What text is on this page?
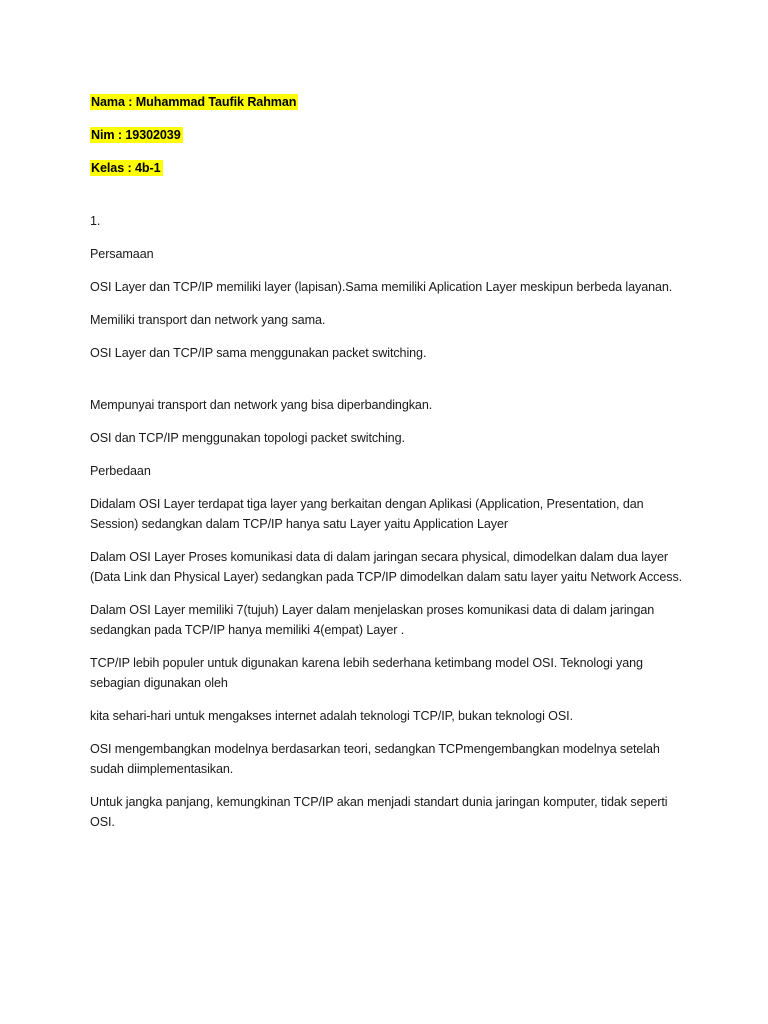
Nama : Muhammad Taufik Rahman

Nim : 19302039

Kelas : 4b-1

1.

Persamaan

OSI Layer dan TCP/IP memiliki layer (lapisan).Sama memiliki Aplication Layer meskipun berbeda layanan.

Memiliki transport dan network yang sama.

OSI Layer dan TCP/IP sama menggunakan packet switching.

Mempunyai transport dan network yang bisa diperbandingkan.

OSI dan TCP/IP menggunakan topologi packet switching.

Perbedaan

Didalam OSI Layer terdapat tiga layer yang berkaitan dengan Aplikasi (Application, Presentation, dan Session) sedangkan dalam TCP/IP hanya satu Layer yaitu Application Layer

Dalam OSI Layer Proses komunikasi data di dalam jaringan secara physical, dimodelkan dalam dua layer (Data Link dan Physical Layer) sedangkan pada TCP/IP dimodelkan dalam satu layer yaitu Network Access.

Dalam OSI Layer memiliki 7(tujuh) Layer dalam menjelaskan proses komunikasi data di dalam jaringan sedangkan pada TCP/IP hanya memiliki 4(empat) Layer .

TCP/IP lebih populer untuk digunakan karena lebih sederhana ketimbang model OSI. Teknologi yang sebagian digunakan oleh

kita sehari-hari untuk mengakses internet adalah teknologi TCP/IP, bukan teknologi OSI.

OSI mengembangkan modelnya berdasarkan teori, sedangkan TCPmengembangkan modelnya setelah sudah diimplementasikan.

Untuk jangka panjang, kemungkinan TCP/IP akan menjadi standart dunia jaringan komputer, tidak seperti OSI.
